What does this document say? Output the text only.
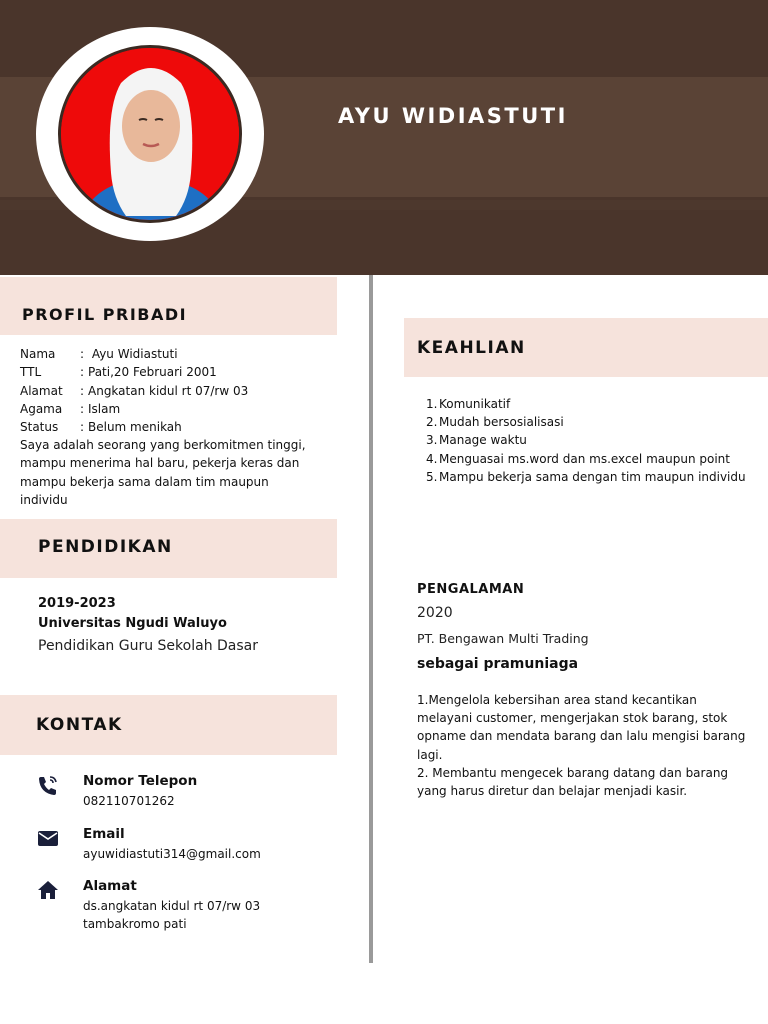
AYU WIDIASTUTI
PROFIL PRIBADI
Nama	: Ayu Widiastuti
TTL	: Pati,20 Februari 2001
Alamat	: Angkatan kidul rt 07/rw 03
Agama	: Islam
Status	: Belum menikah
Saya adalah seorang yang berkomitmen tinggi, mampu menerima hal baru, pekerja keras dan mampu bekerja sama dalam tim maupun individu
PENDIDIKAN
2019-2023
Universitas Ngudi Waluyo
Pendidikan Guru Sekolah Dasar
KONTAK
Nomor Telepon
082110701262
Email
ayuwidiastuti314@gmail.com
Alamat
ds.angkatan kidul rt 07/rw 03 tambakromo pati
KEAHLIAN
1. Komunikatif
2. Mudah bersosialisasi
3. Manage waktu
4. Menguasai ms.word dan ms.excel maupun point
5. Mampu bekerja sama dengan tim maupun individu
PENGALAMAN
2020
PT. Bengawan Multi Trading
sebagai pramuniaga
1.Mengelola kebersihan area stand kecantikan melayani customer, mengerjakan stok barang, stok opname dan mendata barang dan lalu mengisi barang lagi.
2. Membantu mengecek barang datang dan barang yang harus diretur dan belajar menjadi kasir.
